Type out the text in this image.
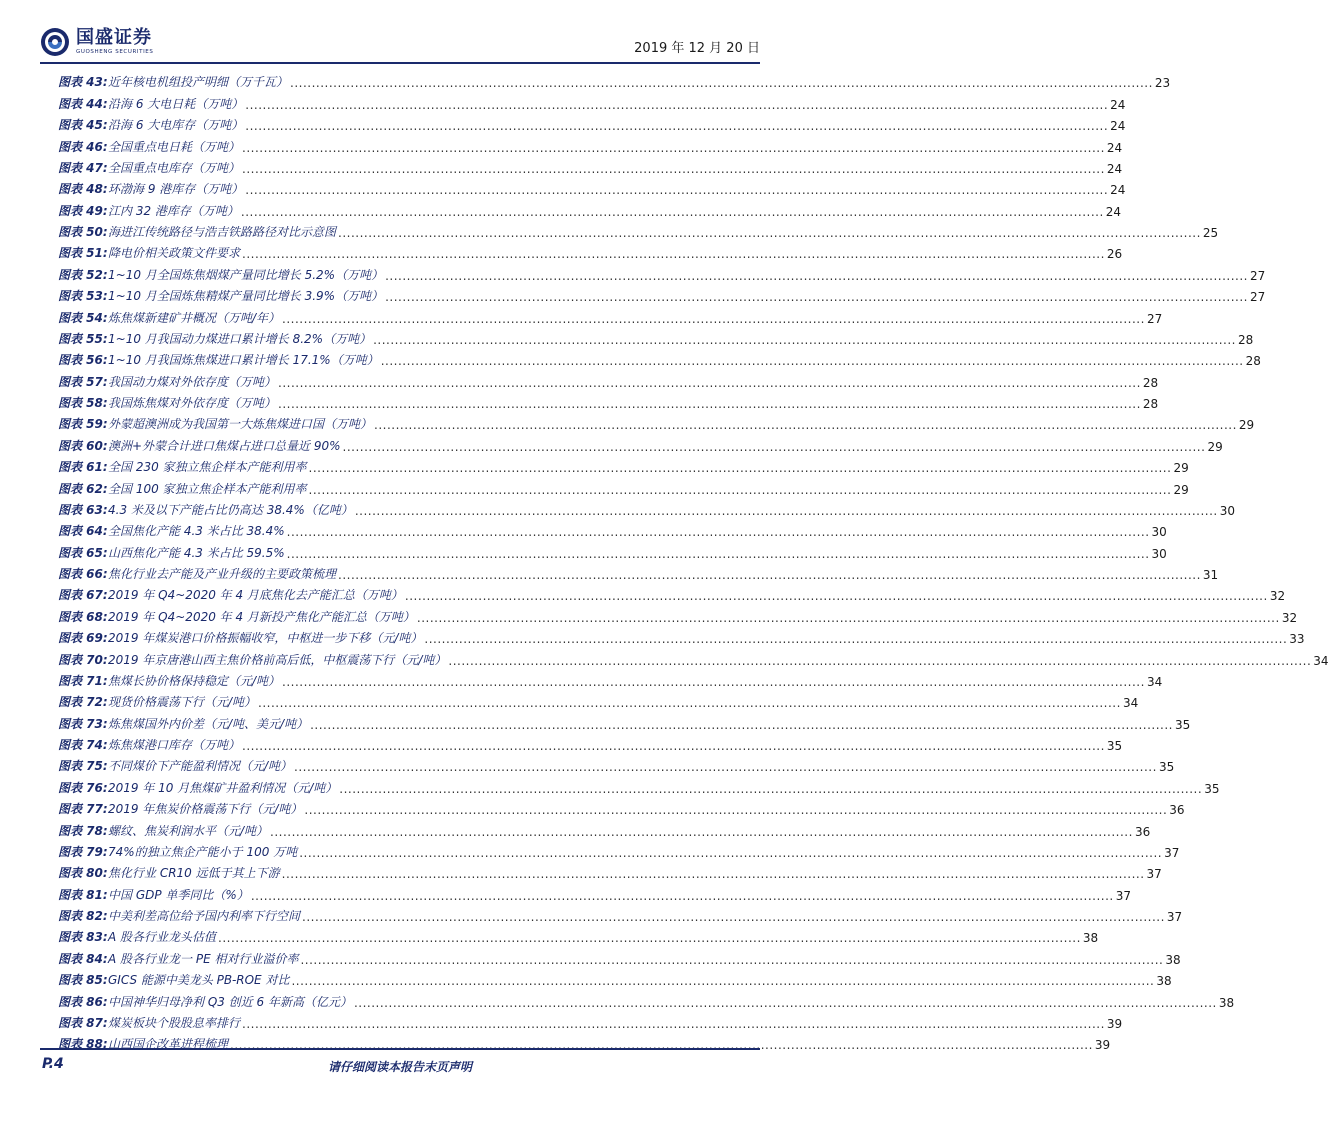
国盛证券
GUOSHENG SECURITIES	2019 年 12 月 20 日
图表 43: 近年核电机组投产明细（万千瓦） ........................................................................................................................................................................................................ 23
图表 44: 沿海 6 大电日耗（万吨） ........................................................................................................................................................................................................ 24
图表 45: 沿海 6 大电库存（万吨） ........................................................................................................................................................................................................ 24
图表 46: 全国重点电日耗（万吨） ........................................................................................................................................................................................................ 24
图表 47: 全国重点电库存（万吨） ........................................................................................................................................................................................................ 24
图表 48: 环渤海 9 港库存（万吨） ........................................................................................................................................................................................................ 24
图表 49: 江内 32 港库存（万吨） ........................................................................................................................................................................................................ 24
图表 50: 海进江传统路径与浩吉铁路路径对比示意图 ........................................................................................................................................................................................................ 25
图表 51: 降电价相关政策文件要求 ........................................................................................................................................................................................................ 26
图表 52: 1~10 月全国炼焦烟煤产量同比增长 5.2%（万吨） ........................................................................................................................................................................................................ 27
图表 53: 1~10 月全国炼焦精煤产量同比增长 3.9%（万吨） ........................................................................................................................................................................................................ 27
图表 54: 炼焦煤新建矿井概况（万吨/年） ........................................................................................................................................................................................................ 27
图表 55: 1~10 月我国动力煤进口累计增长 8.2%（万吨） ........................................................................................................................................................................................................ 28
图表 56: 1~10 月我国炼焦煤进口累计增长 17.1%（万吨） ........................................................................................................................................................................................................ 28
图表 57: 我国动力煤对外依存度（万吨） ........................................................................................................................................................................................................ 28
图表 58: 我国炼焦煤对外依存度（万吨） ........................................................................................................................................................................................................ 28
图表 59: 外蒙超澳洲成为我国第一大炼焦煤进口国（万吨） ........................................................................................................................................................................................................ 29
图表 60: 澳洲+外蒙合计进口焦煤占进口总量近 90% ........................................................................................................................................................................................................ 29
图表 61: 全国 230 家独立焦企样本产能利用率 ........................................................................................................................................................................................................ 29
图表 62: 全国 100 家独立焦企样本产能利用率 ........................................................................................................................................................................................................ 29
图表 63: 4.3 米及以下产能占比仍高达 38.4%（亿吨） ........................................................................................................................................................................................................ 30
图表 64: 全国焦化产能 4.3 米占比 38.4% ........................................................................................................................................................................................................ 30
图表 65: 山西焦化产能 4.3 米占比 59.5% ........................................................................................................................................................................................................ 30
图表 66: 焦化行业去产能及产业升级的主要政策梳理 ........................................................................................................................................................................................................ 31
图表 67: 2019 年 Q4~2020 年 4 月底焦化去产能汇总（万吨） ........................................................................................................................................................................................................ 32
图表 68: 2019 年 Q4~2020 年 4 月新投产焦化产能汇总（万吨） ........................................................................................................................................................................................................ 32
图表 69: 2019 年煤炭港口价格振幅收窄，中枢进一步下移（元/吨） ........................................................................................................................................................................................................ 33
图表 70: 2019 年京唐港山西主焦价格前高后低，中枢震荡下行（元/吨） ........................................................................................................................................................................................................ 34
图表 71: 焦煤长协价格保持稳定（元/吨） ........................................................................................................................................................................................................ 34
图表 72: 现货价格震荡下行（元/吨） ........................................................................................................................................................................................................ 34
图表 73: 炼焦煤国外内价差（元/吨、美元/吨） ........................................................................................................................................................................................................ 35
图表 74: 炼焦煤港口库存（万吨） ........................................................................................................................................................................................................ 35
图表 75: 不同煤价下产能盈利情况（元/吨） ........................................................................................................................................................................................................ 35
图表 76: 2019 年 10 月焦煤矿井盈利情况（元/吨） ........................................................................................................................................................................................................ 35
图表 77: 2019 年焦炭价格震荡下行（元/吨） ........................................................................................................................................................................................................ 36
图表 78: 螺纹、焦炭利润水平（元/吨） ........................................................................................................................................................................................................ 36
图表 79: 74%的独立焦企产能小于 100 万吨 ........................................................................................................................................................................................................ 37
图表 80: 焦化行业 CR10 远低于其上下游 ........................................................................................................................................................................................................ 37
图表 81: 中国 GDP 单季同比（%） ........................................................................................................................................................................................................ 37
图表 82: 中美利差高位给予国内利率下行空间 ........................................................................................................................................................................................................ 37
图表 83: A 股各行业龙头估值 ........................................................................................................................................................................................................ 38
图表 84: A 股各行业龙一 PE 相对行业溢价率 ........................................................................................................................................................................................................ 38
图表 85: GICS 能源中美龙头 PB-ROE 对比 ........................................................................................................................................................................................................ 38
图表 86: 中国神华归母净利 Q3 创近 6 年新高（亿元） ........................................................................................................................................................................................................ 38
图表 87: 煤炭板块个股股息率排行 ........................................................................................................................................................................................................ 39
图表 88: 山西国企改革进程梳理 ........................................................................................................................................................................................................ 39
P.4	请仔细阅读本报告末页声明
